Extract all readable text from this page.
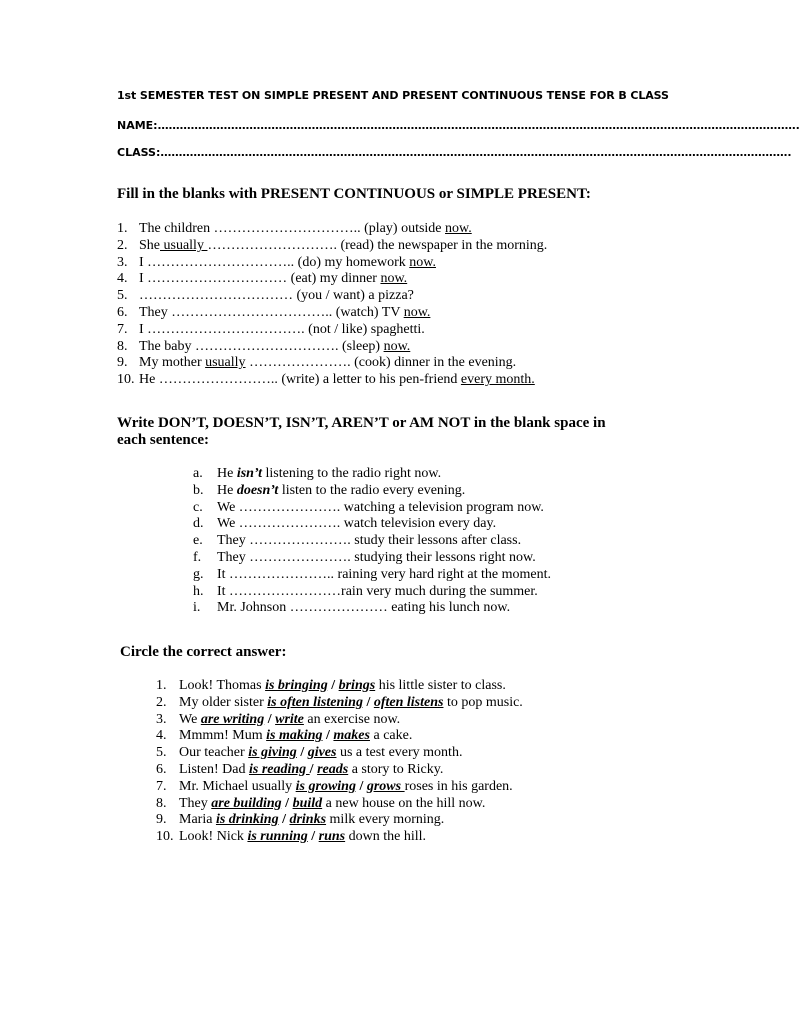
1st SEMESTER TEST ON SIMPLE PRESENT AND PRESENT CONTINUOUS TENSE FOR B CLASS
NAME:………………………………………………………………………………………………………………………………………………………….
CLASS:……………………………………………………………………………………………………………………………………………………….
Fill in the blanks with PRESENT CONTINUOUS or SIMPLE PRESENT:
1. The children ………………………….. (play) outside now.
2. She usually ………………………. (read) the newspaper in the morning.
3. I ………………………….. (do) my homework now.
4. I ………………………… (eat) my dinner now.
5. …………………………… (you / want) a pizza?
6. They …………………………….. (watch) TV now.
7. I ……………………………. (not / like) spaghetti.
8. The baby …………………………. (sleep) now.
9. My mother usually …………………. (cook) dinner in the evening.
10. He …………………….. (write) a letter to his pen-friend every month.
Write DON’T, DOESN’T, ISN’T, AREN’T or AM NOT in the blank space in
each sentence:
a. He isn’t listening to the radio right now.
b. He doesn’t listen to the radio every evening.
c. We …………………. watching a television program now.
d. We …………………. watch television every day.
e. They …………………. study their lessons after class.
f. They …………………. studying their lessons right now.
g. It ………………….. raining very hard right at the moment.
h. It ……………………rain very much during the summer.
i. Mr. Johnson ………………… eating his lunch now.
Circle the correct answer:
1. Look! Thomas is bringing / brings his little sister to class.
2. My older sister is often listening / often listens to pop music.
3. We are writing / write an exercise now.
4. Mmmm! Mum is making / makes a cake.
5. Our teacher is giving / gives us a test every month.
6. Listen! Dad is reading / reads a story to Ricky.
7. Mr. Michael usually is growing / grows roses in his garden.
8. They are building / build a new house on the hill now.
9. Maria is drinking / drinks milk every morning.
10. Look! Nick is running / runs down the hill.
